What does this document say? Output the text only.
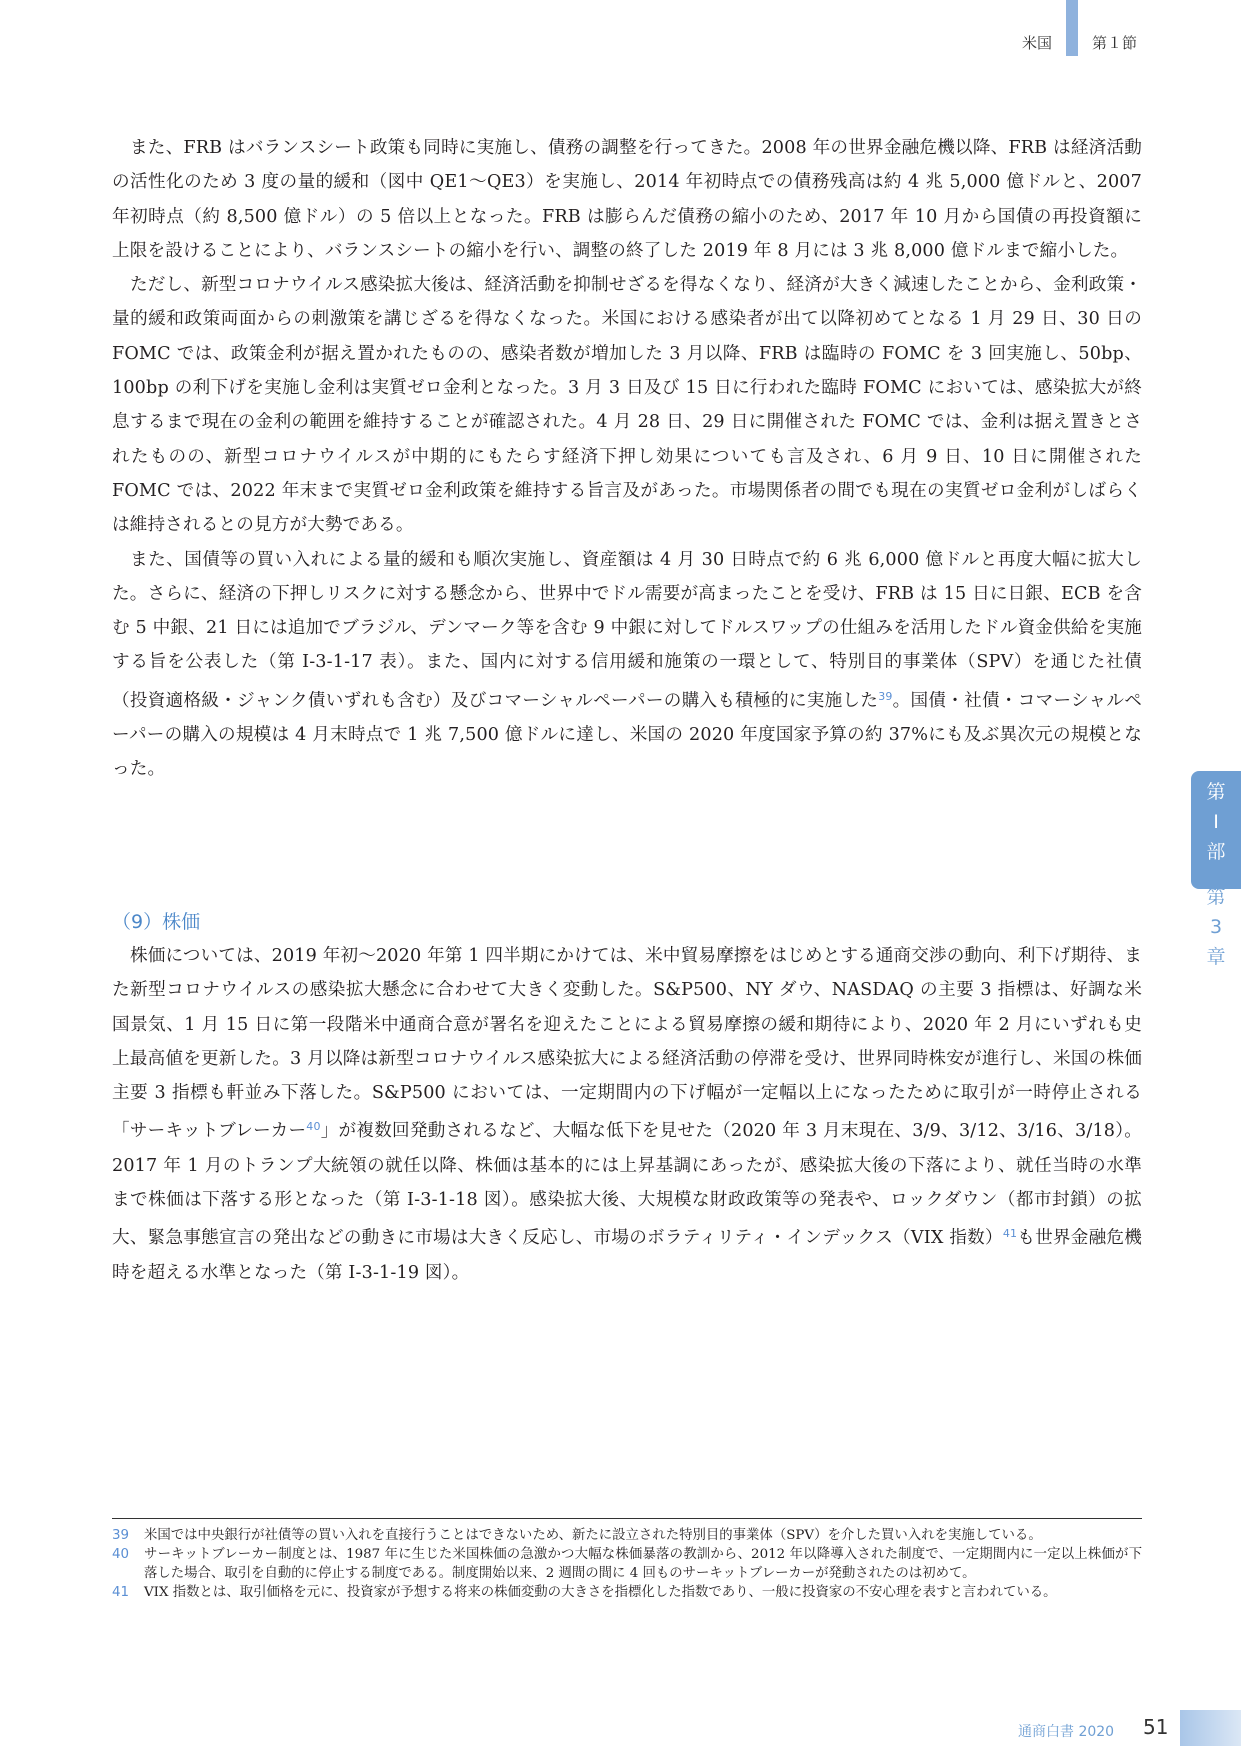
米国	第１節

また、FRB はバランスシート政策も同時に実施し、債務の調整を行ってきた。2008 年の世界金融危機以降、FRB は経済活動の活性化のため 3 度の量的緩和（図中 QE1〜QE3）を実施し、2014 年初時点での債務残高は約 4 兆 5,000 億ドルと、2007 年初時点（約 8,500 億ドル）の 5 倍以上となった。FRB は膨らんだ債務の縮小のため、2017 年 10 月から国債の再投資額に上限を設けることにより、バランスシートの縮小を行い、調整の終了した 2019 年 8 月には 3 兆 8,000 億ドルまで縮小した。

ただし、新型コロナウイルス感染拡大後は、経済活動を抑制せざるを得なくなり、経済が大きく減速したことから、金利政策・量的緩和政策両面からの刺激策を講じざるを得なくなった。米国における感染者が出て以降初めてとなる 1 月 29 日、30 日の FOMC では、政策金利が据え置かれたものの、感染者数が増加した 3 月以降、FRB は臨時の FOMC を 3 回実施し、50bp、100bp の利下げを実施し金利は実質ゼロ金利となった。3 月 3 日及び 15 日に行われた臨時 FOMC においては、感染拡大が終息するまで現在の金利の範囲を維持することが確認された。4 月 28 日、29 日に開催された FOMC では、金利は据え置きとされたものの、新型コロナウイルスが中期的にもたらす経済下押し効果についても言及され、6 月 9 日、10 日に開催された FOMC では、2022 年末まで実質ゼロ金利政策を維持する旨言及があった。市場関係者の間でも現在の実質ゼロ金利がしばらくは維持されるとの見方が大勢である。

また、国債等の買い入れによる量的緩和も順次実施し、資産額は 4 月 30 日時点で約 6 兆 6,000 億ドルと再度大幅に拡大した。さらに、経済の下押しリスクに対する懸念から、世界中でドル需要が高まったことを受け、FRB は 15 日に日銀、ECB を含む 5 中銀、21 日には追加でブラジル、デンマーク等を含む 9 中銀に対してドルスワップの仕組みを活用したドル資金供給を実施する旨を公表した（第 I-3-1-17 表）。また、国内に対する信用緩和施策の一環として、特別目的事業体（SPV）を通じた社債（投資適格級・ジャンク債いずれも含む）及びコマーシャルペーパーの購入も積極的に実施した$^{39}$。国債・社債・コマーシャルペーパーの購入の規模は 4 月末時点で 1 兆 7,500 億ドルに達し、米国の 2020 年度国家予算の約 37%にも及ぶ異次元の規模となった。

（9）株価

株価については、2019 年初〜2020 年第 1 四半期にかけては、米中貿易摩擦をはじめとする通商交渉の動向、利下げ期待、また新型コロナウイルスの感染拡大懸念に合わせて大きく変動した。S&P500、NY ダウ、NASDAQ の主要 3 指標は、好調な米国景気、1 月 15 日に第一段階米中通商合意が署名を迎えたことによる貿易摩擦の緩和期待により、2020 年 2 月にいずれも史上最高値を更新した。3 月以降は新型コロナウイルス感染拡大による経済活動の停滞を受け、世界同時株安が進行し、米国の株価主要 3 指標も軒並み下落した。S&P500 においては、一定期間内の下げ幅が一定幅以上になったために取引が一時停止される「サーキットブレーカー$^{40}$」が複数回発動されるなど、大幅な低下を見せた（2020 年 3 月末現在、3/9、3/12、3/16、3/18）。2017 年 1 月のトランプ大統領の就任以降、株価は基本的には上昇基調にあったが、感染拡大後の下落により、就任当時の水準まで株価は下落する形となった（第 I-3-1-18 図）。感染拡大後、大規模な財政政策等の発表や、ロックダウン（都市封鎖）の拡大、緊急事態宣言の発出などの動きに市場は大きく反応し、市場のボラティリティ・インデックス（VIX 指数）$^{41}$も世界金融危機時を超える水準となった（第 I-3-1-19 図）。

第
I
部
第
3
章
39	米国では中央銀行が社債等の買い入れを直接行うことはできないため、新たに設立された特別目的事業体（SPV）を介した買い入れを実施している。
40	サーキットブレーカー制度とは、1987 年に生じた米国株価の急激かつ大幅な株価暴落の教訓から、2012 年以降導入された制度で、一定期間内に一定以上株価が下落した場合、取引を自動的に停止する制度である。制度開始以来、2 週間の間に 4 回ものサーキットブレーカーが発動されたのは初めて。
41	VIX 指数とは、取引価格を元に、投資家が予想する将来の株価変動の大きさを指標化した指数であり、一般に投資家の不安心理を表すと言われている。
通商白書 2020 51
